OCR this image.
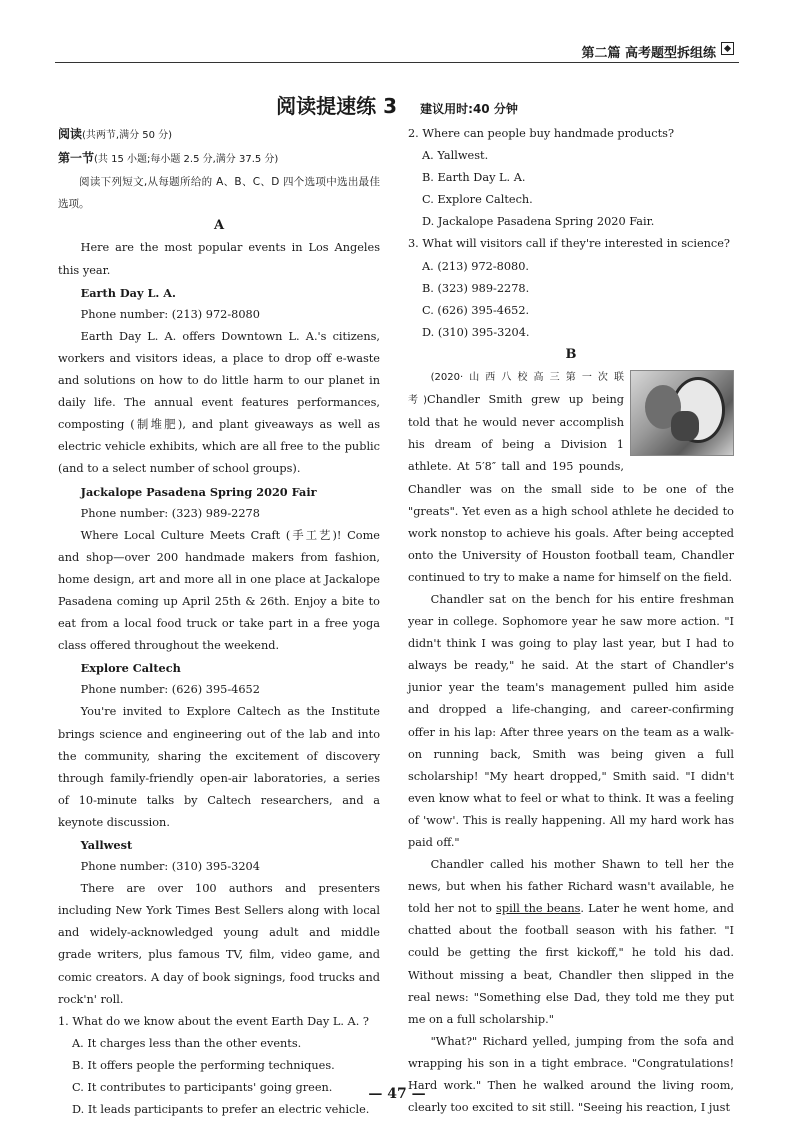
第二篇 高考题型拆组练
阅读提速练 3 建议用时:40 分钟

阅读(共两节,满分 50 分)

第一节(共 15 小题;每小题 2.5 分,满分 37.5 分)

阅读下列短文,从每题所给的 A、B、C、D 四个选项中选出最佳选项。

A

Here are the most popular events in Los Angeles this year.

Earth Day L. A.

Phone number: (213) 972-8080

Earth Day L. A. offers Downtown L. A.'s citizens, workers and visitors ideas, a place to drop off e-waste and solutions on how to do little harm to our planet in daily life. The annual event features performances, composting (制堆肥), and plant giveaways as well as electric vehicle exhibits, which are all free to the public (and to a select number of school groups).

Jackalope Pasadena Spring 2020 Fair

Phone number: (323) 989-2278

Where Local Culture Meets Craft (手工艺)! Come and shop—over 200 handmade makers from fashion, home design, art and more all in one place at Jackalope Pasadena coming up April 25th & 26th. Enjoy a bite to eat from a local food truck or take part in a free yoga class offered throughout the weekend.

Explore Caltech

Phone number: (626) 395-4652

You're invited to Explore Caltech as the Institute brings science and engineering out of the lab and into the community, sharing the excitement of discovery through family-friendly open-air laboratories, a series of 10-minute talks by Caltech researchers, and a keynote discussion.

Yallwest

Phone number: (310) 395-3204

There are over 100 authors and presenters including New York Times Best Sellers along with local and widely-acknowledged young adult and middle grade writers, plus famous TV, film, video game, and comic creators. A day of book signings, food trucks and rock'n' roll.

1. What do we know about the event Earth Day L. A. ?

A. It charges less than the other events.

B. It offers people the performing techniques.

C. It contributes to participants' going green.

D. It leads participants to prefer an electric vehicle.

2. Where can people buy handmade products?

A. Yallwest.

B. Earth Day L. A.

C. Explore Caltech.

D. Jackalope Pasadena Spring 2020 Fair.

3. What will visitors call if they're interested in science?

A. (213) 972-8080.

B. (323) 989-2278.

C. (626) 395-4652.

D. (310) 395-3204.

B

(2020·山西八校高三第一次联考)Chandler Smith grew up being told that he would never accomplish his dream of being a Division 1 athlete. At 5′8″ tall and 195 pounds, Chandler was on the small side to be one of the "greats". Yet even as a high school athlete he decided to work nonstop to achieve his goals. After being accepted onto the University of Houston football team, Chandler continued to try to make a name for himself on the field.

Chandler sat on the bench for his entire freshman year in college. Sophomore year he saw more action. "I didn't think I was going to play last year, but I had to always be ready," he said. At the start of Chandler's junior year the team's management pulled him aside and dropped a life-changing, and career-confirming offer in his lap: After three years on the team as a walk-on running back, Smith was being given a full scholarship! "My heart dropped," Smith said. "I didn't even know what to feel or what to think. It was a feeling of 'wow'. This is really happening. All my hard work has paid off."

Chandler called his mother Shawn to tell her the news, but when his father Richard wasn't available, he told her not to spill the beans. Later he went home, and chatted about the football season with his father. "I could be getting the first kickoff," he told his dad. Without missing a beat, Chandler then slipped in the real news: "Something else Dad, they told me they put me on a full scholarship."

"What?" Richard yelled, jumping from the sofa and wrapping his son in a tight embrace. "Congratulations! Hard work." Then he walked around the living room, clearly too excited to sit still. "Seeing his reaction, I just

— 47 —
